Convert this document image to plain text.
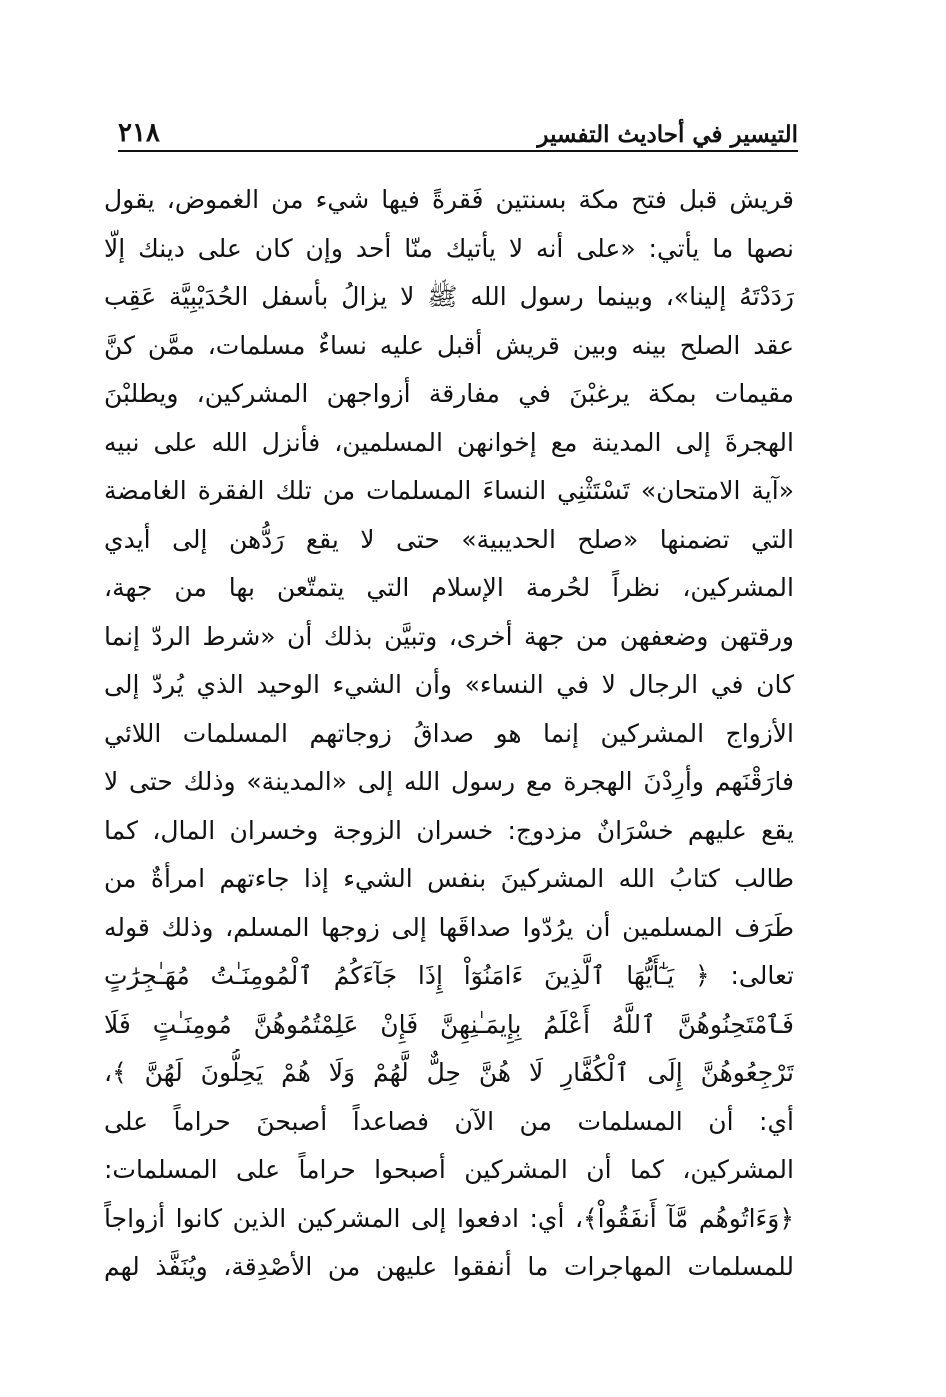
التيسير في أحاديث التفسير
٢١٨
قريش قبل فتح مكة بسنتين فَقرةً فيها شيء من الغموض، يقول
نصها ما يأتي: «على أنه لا يأتيك منّا أحد وإن كان على دينك إلّا
رَدَدْتَهُ إلينا»، وبينما رسول الله ﷺ لا يزالُ بأسفل الحُدَيْبِيَّة عَقِب
عقد الصلح بينه وبين قريش أقبل عليه نساءٌ مسلمات، ممَّن كنَّ
مقيمات بمكة يرغبْنَ في مفارقة أزواجهن المشركين، ويطلبْنَ
الهجرةَ إلى المدينة مع إخوانهن المسلمين، فأنزل الله على نبيه
«آية الامتحان» تَسْتَثْنِي النساءَ المسلمات من تلك الفقرة الغامضة
التي تضمنها «صلح الحديبية» حتى لا يقع رَدُّهن إلى أيدي
المشركين، نظراً لحُرمة الإسلام التي يتمتّعن بها من جهة،
ورقتهن وضعفهن من جهة أخرى، وتبيَّن بذلك أن «شرط الردّ إنما
كان في الرجال لا في النساء» وأن الشيء الوحيد الذي يُردّ إلى
الأزواج المشركين إنما هو صداقُ زوجاتهم المسلمات اللائي
فارَقْنَهم وأرِدْنَ الهجرة مع رسول الله إلى «المدينة» وذلك حتى لا
يقع عليهم خسْرَانٌ مزدوج: خسران الزوجة وخسران المال، كما
طالب كتابُ الله المشركينَ بنفس الشيء إذا جاءتهم امرأةٌ من
طَرَف المسلمين أن يرُدّوا صداقَها إلى زوجها المسلم، وذلك قوله
تعالى: ﴿ يَـٰٓأَيُّهَا ٱلَّذِينَ ءَامَنُوٓاْ إِذَا جَآءَكُمُ ٱلْمُومِنَـٰتُ مُهَـٰجِرَٰتٍ
فَٱمْتَحِنُوهُنَّ ٱللَّهُ أَعْلَمُ بِإِيمَـٰنِهِنَّ فَإِنْ عَلِمْتُمُوهُنَّ مُومِنَـٰتٍ فَلَا
تَرْجِعُوهُنَّ إِلَى ٱلْكُفَّارِ لَا هُنَّ حِلٌّ لَّهُمْ وَلَا هُمْ يَحِلُّونَ لَهُنَّ ﴾،
أي: أن المسلمات من الآن فصاعداً أصبحنَ حراماً على
المشركين، كما أن المشركين أصبحوا حراماً على المسلمات:
﴿وَءَاتُوهُم مَّآ أَنفَقُواْ﴾، أي: ادفعوا إلى المشركين الذين كانوا أزواجاً
للمسلمات المهاجرات ما أنفقوا عليهن من الأصْدِقة، ويُنَفَّذ لهم
